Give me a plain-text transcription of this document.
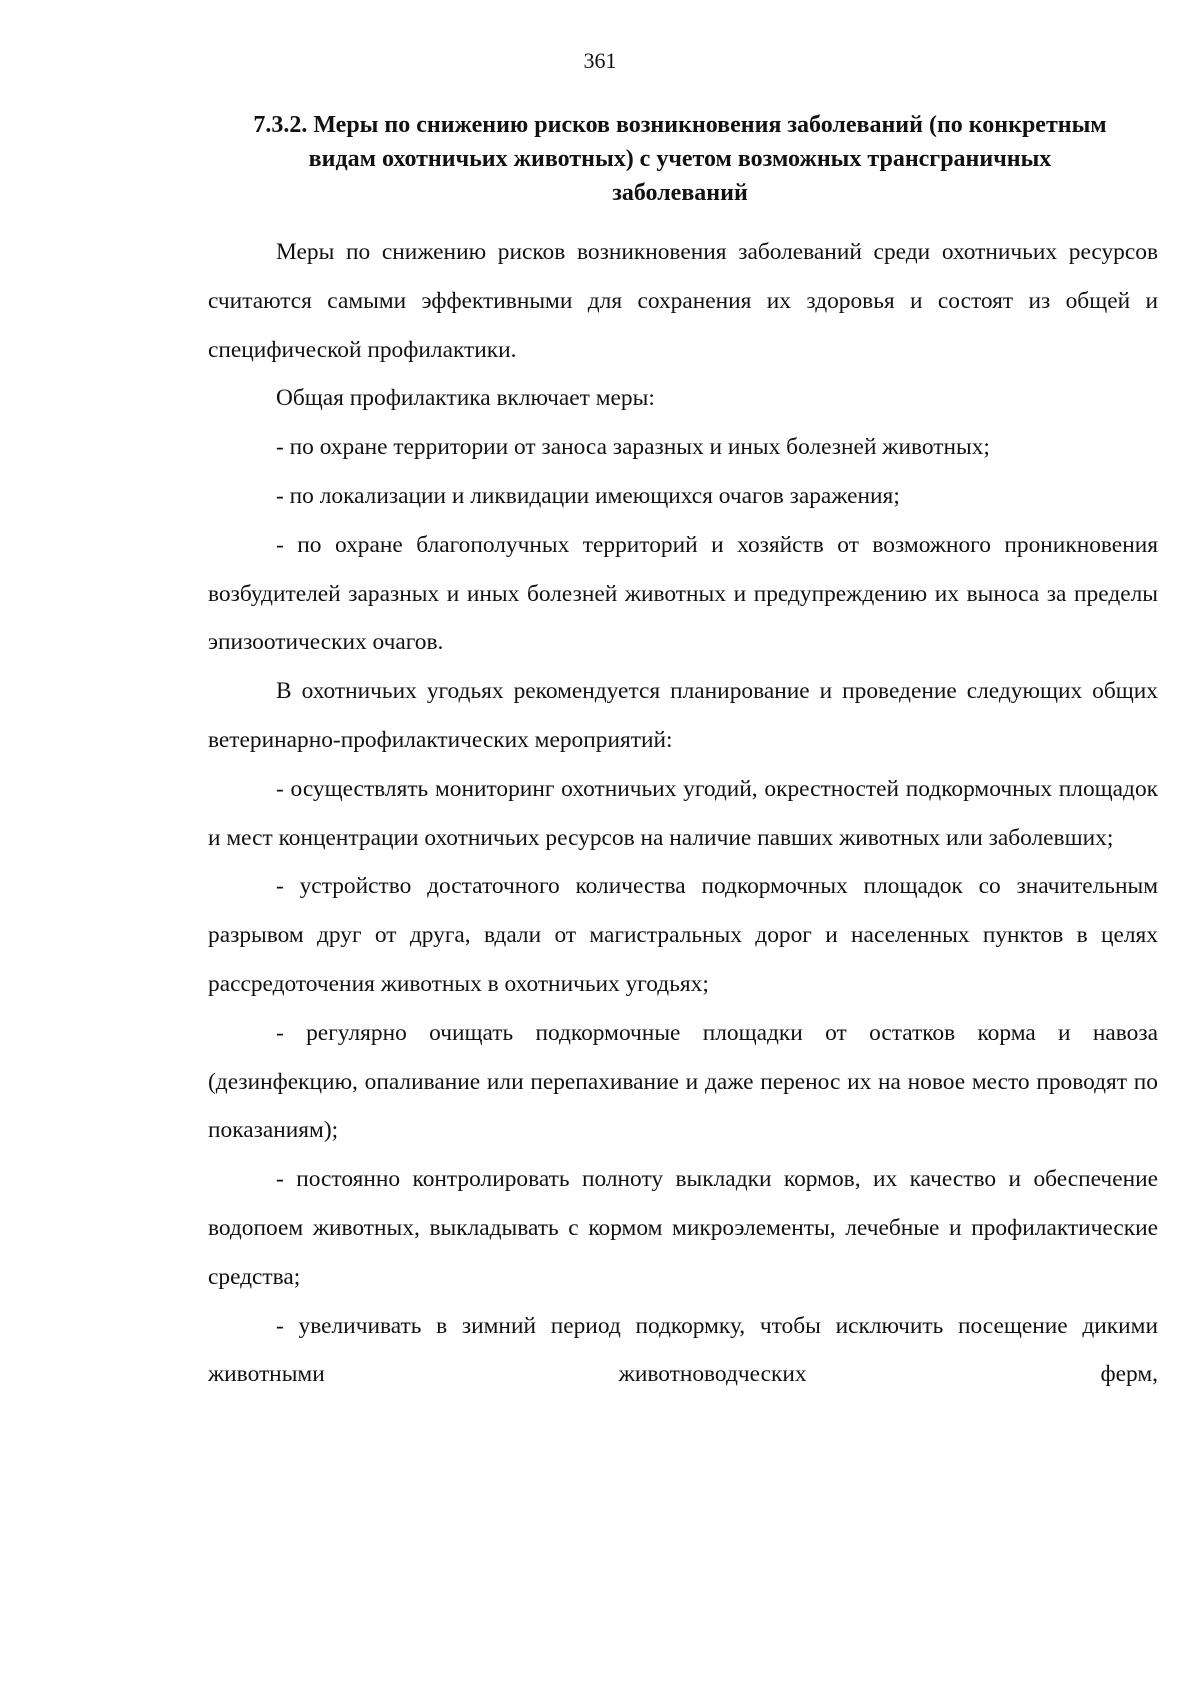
361
7.3.2. Меры по снижению рисков возникновения заболеваний (по конкретным видам охотничьих животных) с учетом возможных трансграничных заболеваний

Меры по снижению рисков возникновения заболеваний среди охотничьих ресурсов считаются самыми эффективными для сохранения их здоровья и состоят из общей и специфической профилактики.

Общая профилактика включает меры:

- по охране территории от заноса заразных и иных болезней животных;

- по локализации и ликвидации имеющихся очагов заражения;

- по охране благополучных территорий и хозяйств от возможного проникновения возбудителей заразных и иных болезней животных и предупреждению их выноса за пределы эпизоотических очагов.

В охотничьих угодьях рекомендуется планирование и проведение следующих общих ветеринарно-профилактических мероприятий:

- осуществлять мониторинг охотничьих угодий, окрестностей подкормочных площадок и мест концентрации охотничьих ресурсов на наличие павших животных или заболевших;

- устройство достаточного количества подкормочных площадок со значительным разрывом друг от друга, вдали от магистральных дорог и населенных пунктов в целях рассредоточения животных в охотничьих угодьях;

- регулярно очищать подкормочные площадки от остатков корма и навоза (дезинфекцию, опаливание или перепахивание и даже перенос их на новое место проводят по показаниям);

- постоянно контролировать полноту выкладки кормов, их качество и обеспечение водопоем животных, выкладывать с кормом микроэлементы, лечебные и профилактические средства;

- увеличивать в зимний период подкормку, чтобы исключить посещение дикими животными животноводческих ферм,
